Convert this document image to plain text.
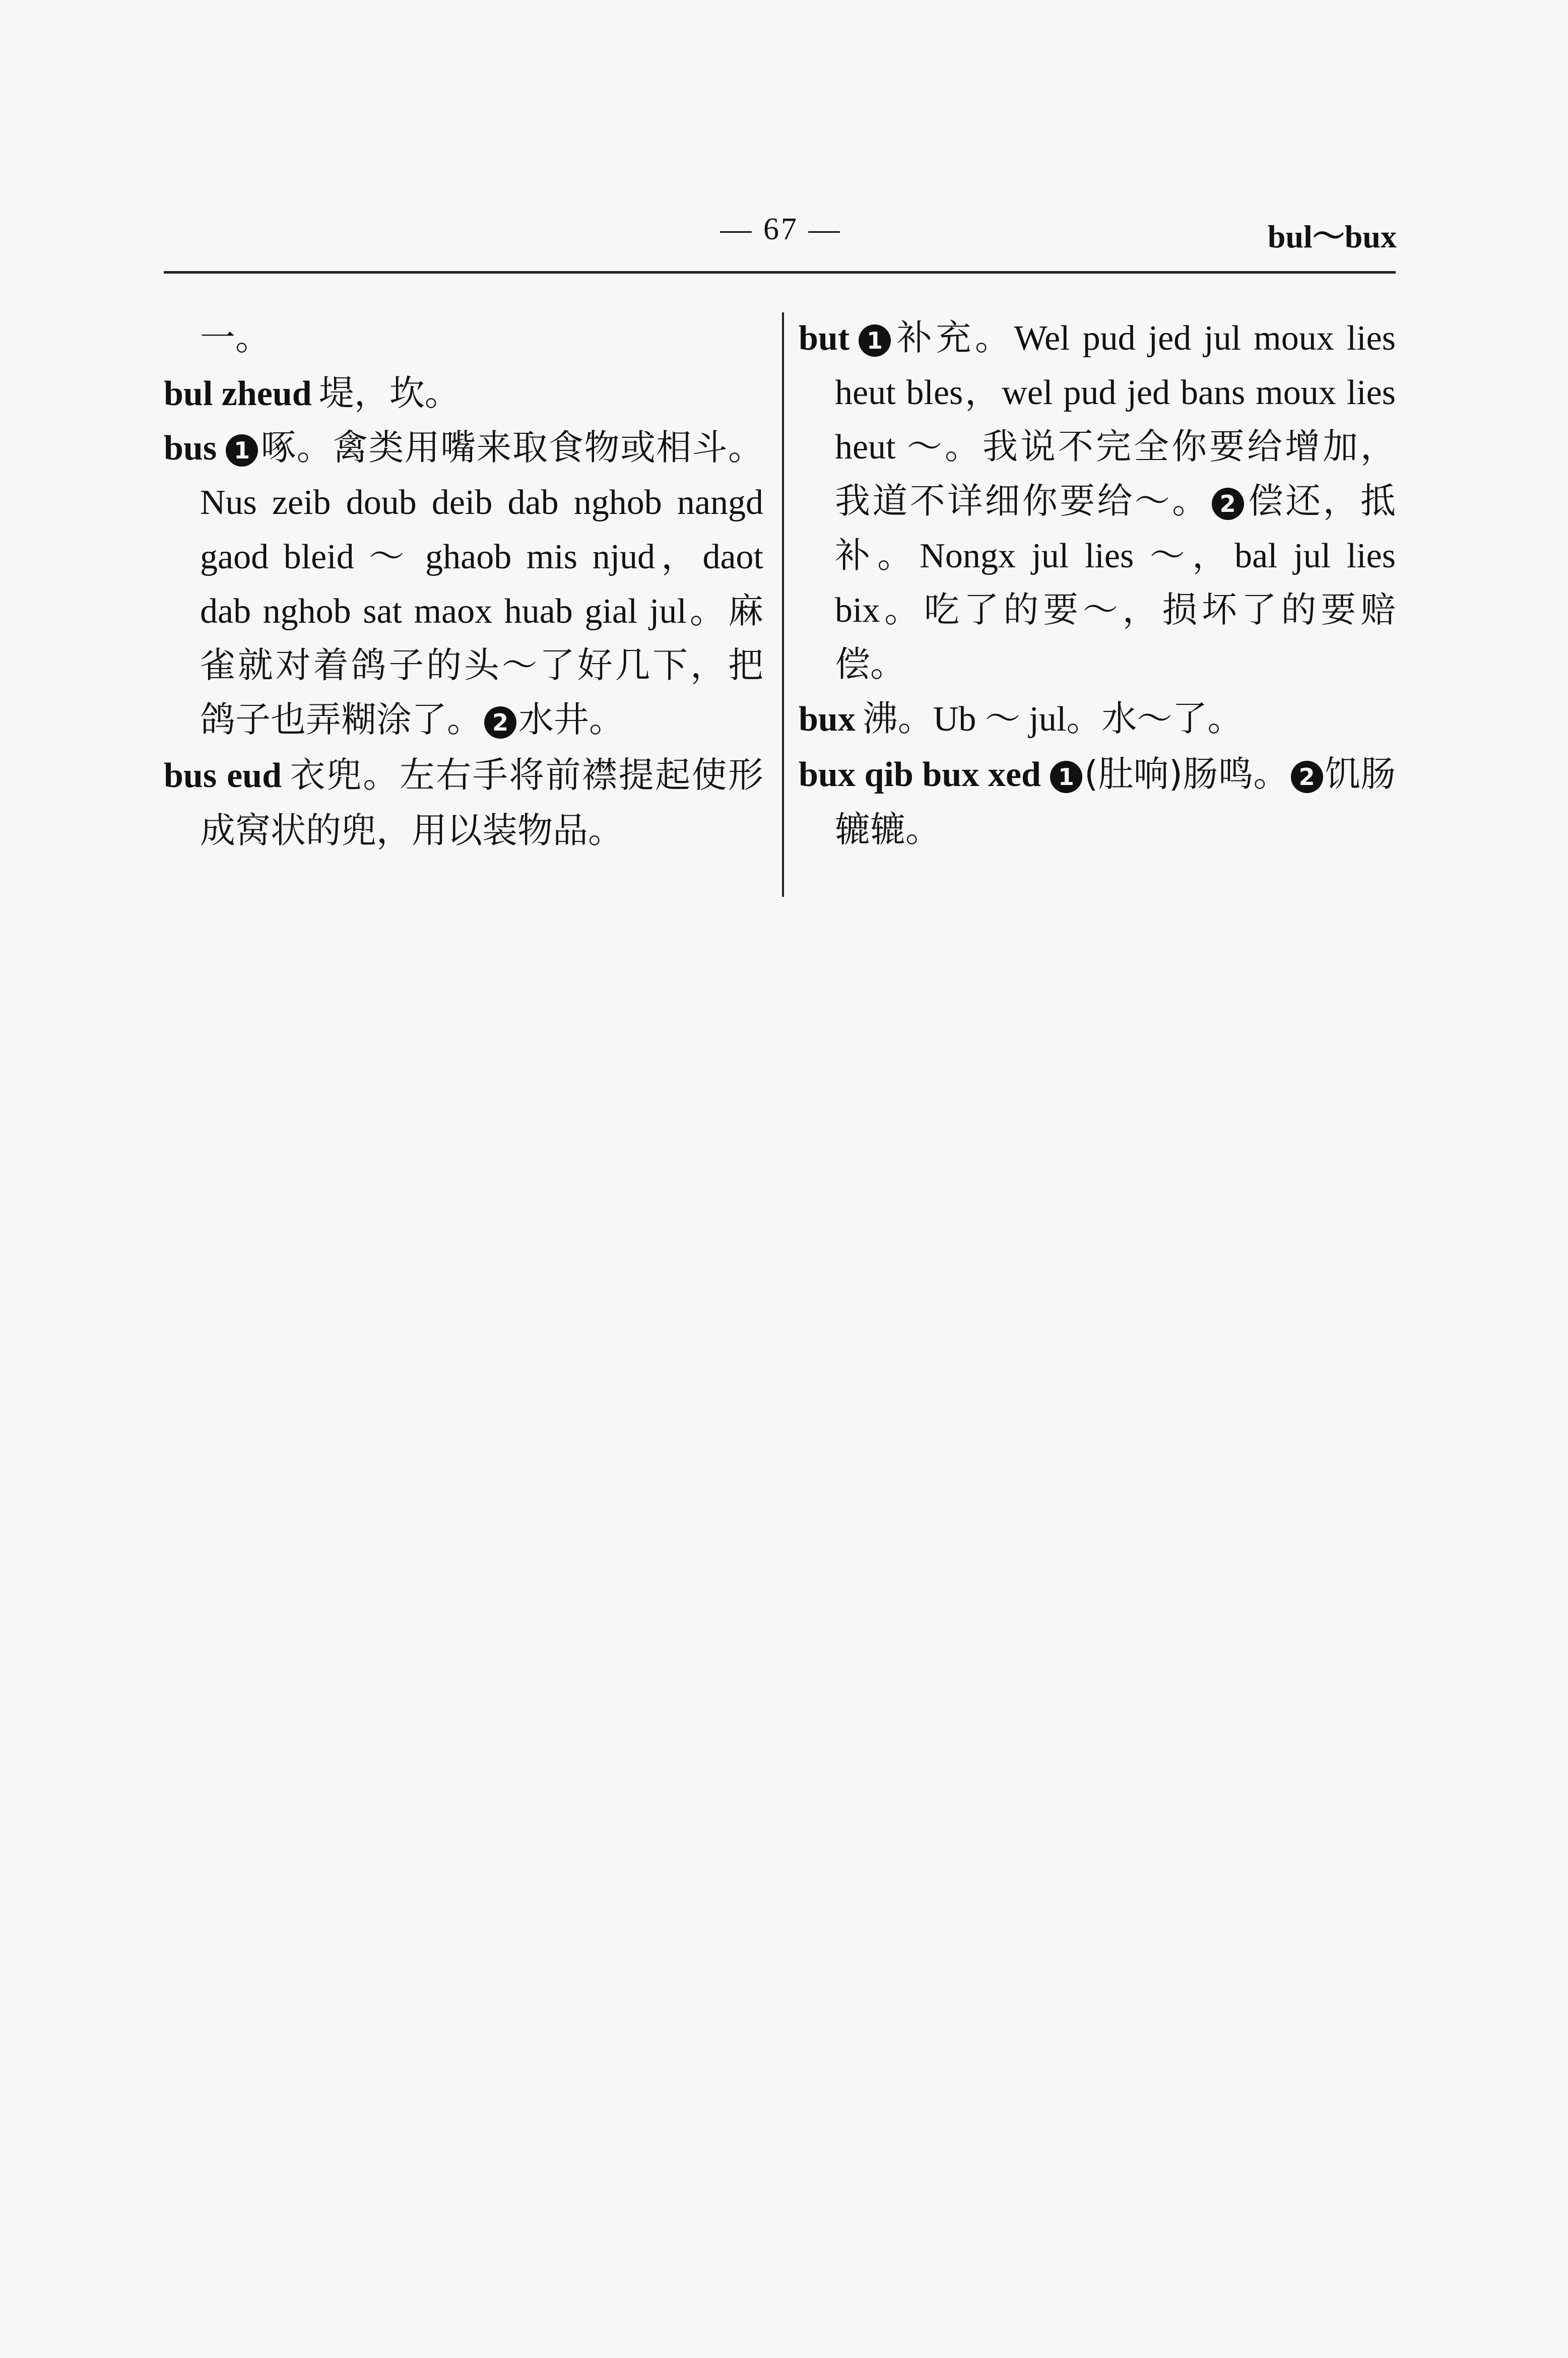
— 67 —	bul～bux

一。

bul zheud 堤，坎。

bus 1 啄。禽类用嘴来取食物或相斗。Nus zeib doub deib dab nghob nangd gaod bleid ～ ghaob mis njud，daot dab nghob sat maox huab gial jul。麻雀就对着鸽子的头～了好几下，把鸽子也弄糊涂了。 2 水井。

bus eud 衣兜。左右手将前襟提起使形成窝状的兜，用以装物品。

but 1 补充。Wel pud jed jul moux lies heut bles，wel pud jed bans moux lies heut ～。我说不完全你要给增加，我道不详细你要给～。 2 偿还，抵补。Nongx jul lies ～，bal jul lies bix。吃了的要～，损坏了的要赔偿。

bux 沸。Ub ～ jul。水～了。

bux qib bux xed 1 (肚响)肠鸣。 2 饥肠辘辘。
